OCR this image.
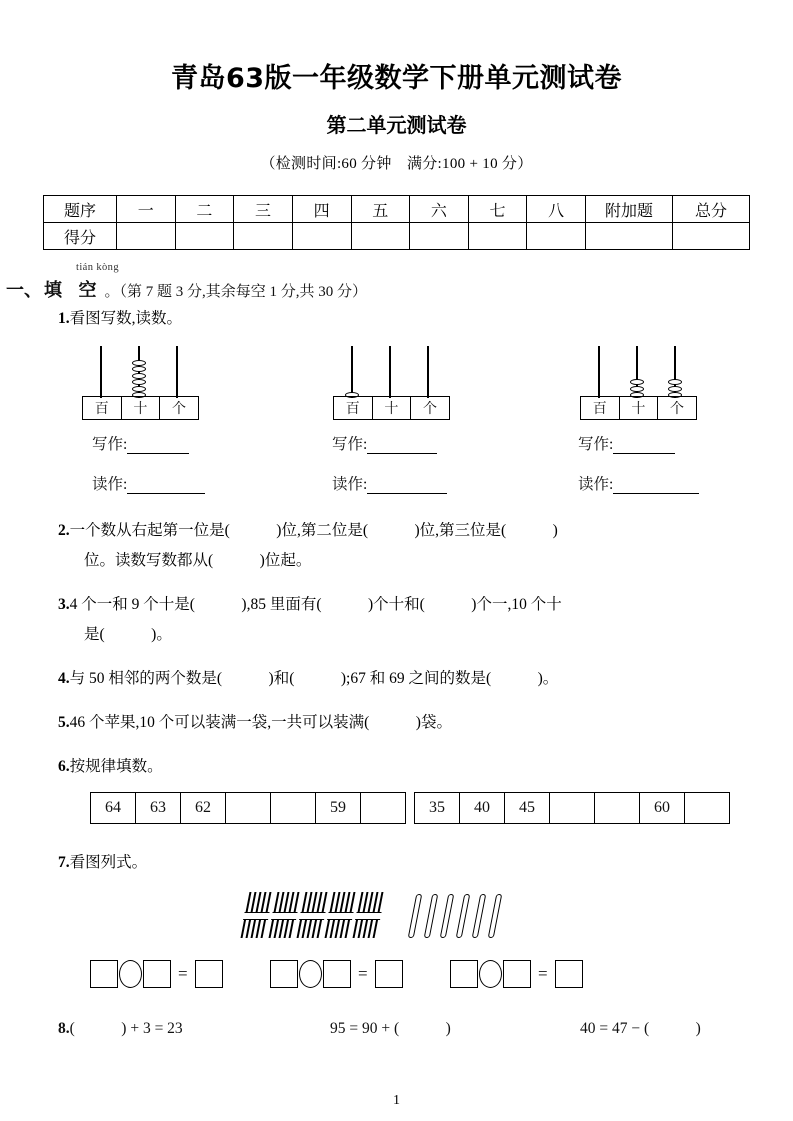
青岛63版一年级数学下册单元测试卷
第二单元测试卷
（检测时间:60 分钟　满分:100 + 10 分）
题序	一	二	三	四	五	六	七	八	附加题	总分
得分										
tián kòng
一、 填 空 。（第 7 题 3 分,其余每空 1 分,共 30 分）
1.看图写数,读数。
百	十	个	百	十	个	百	十	个
写作:	写作:	写作:
读作:	读作:	读作:
2.一个数从右起第一位是(　　　)位,第二位是(　　　)位,第三位是(　　　)
位。读数写数都从(　　　)位起。
3.4 个一和 9 个十是(　　　),85 里面有(　　　)个十和(　　　)个一,10 个十
是(　　　)。
4.与 50 相邻的两个数是(　　　)和(　　　);67 和 69 之间的数是(　　　)。
5.46 个苹果,10 个可以装满一袋,一共可以装满(　　　)袋。
6.按规律填数。
64	63	62			59		35	40	45			60	
7.看图列式。
=	=	=
8.(　　　) + 3 = 23	95 = 90 + (　　　)	40 = 47 − (　　　)
1
